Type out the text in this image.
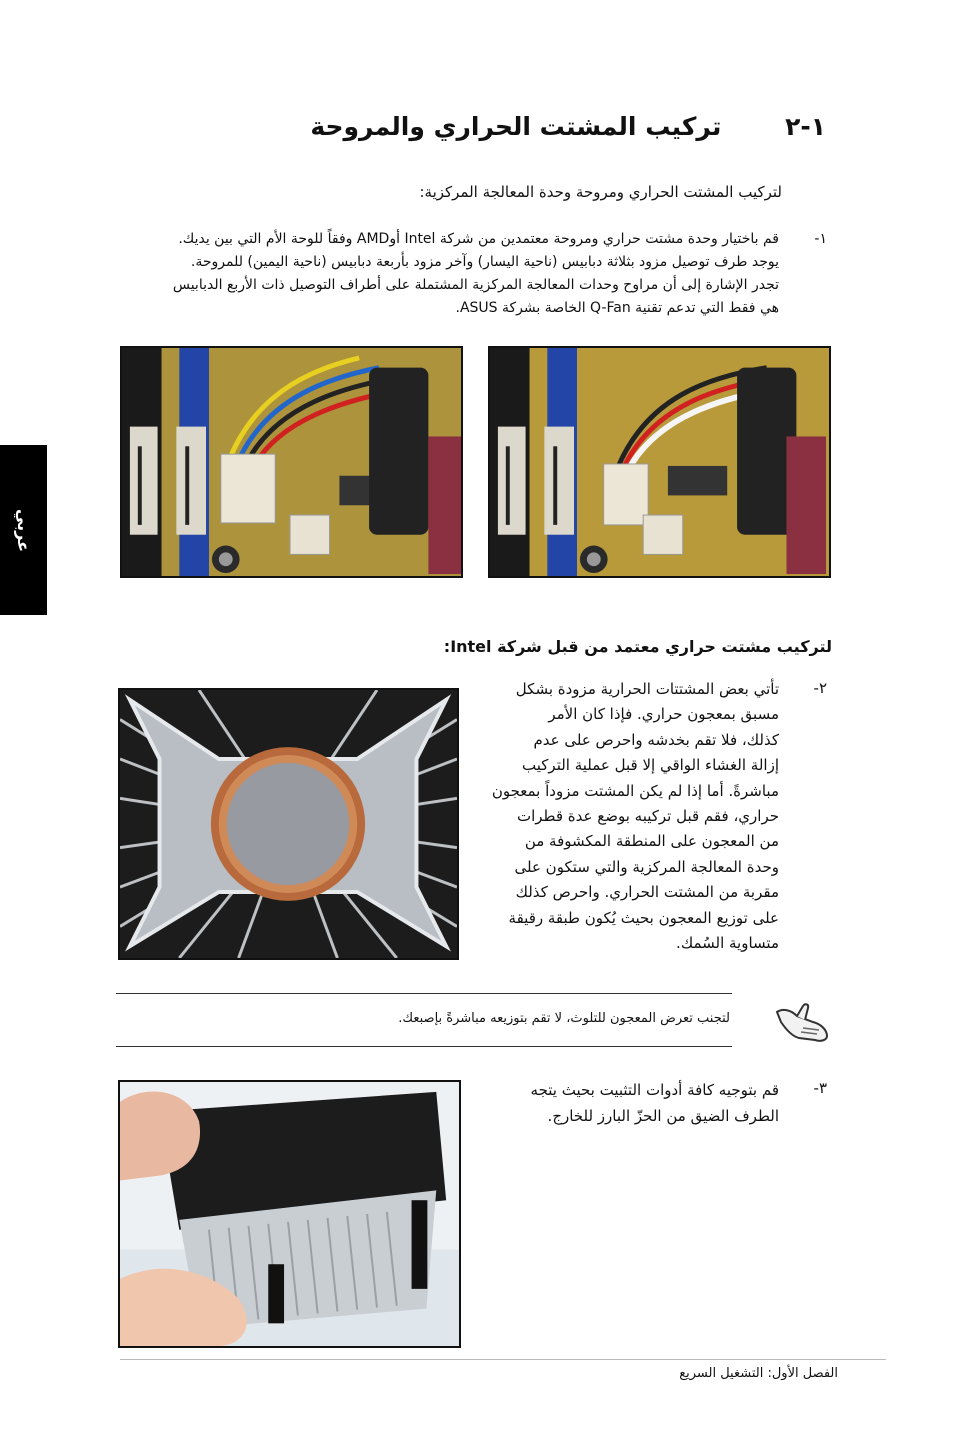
عربي
١-٢ تركيب المشتت الحراري والمروحة
لتركيب المشتت الحراري ومروحة وحدة المعالجة المركزية:
١-

قم باختيار وحدة مشتت حراري ومروحة معتمدين من شركة Intel أوAMD وفقاً للوحة الأم التي بين يديك.

يوجد طرف توصيل مزود بثلاثة دبابيس (ناحية اليسار) وآخر مزود بأربعة دبابيس (ناحية اليمين) للمروحة.

تجدر الإشارة إلى أن مراوح وحدات المعالجة المركزية المشتملة على أطراف التوصيل ذات الأربع الدبابيس

هي فقط التي تدعم تقنية Q-Fan الخاصة بشركة ASUS.

لتركيب مشتت حراري معتمد من قبل شركة Intel:
٢-

تأتي بعض المشتتات الحرارية مزودة بشكل

مسبق بمعجون حراري. فإذا كان الأمر

كذلك، فلا تقم بخدشه واحرص على عدم

إزالة الغشاء الواقي إلا قبل عملية التركيب

مباشرةً. أما إذا لم يكن المشتت مزوداً بمعجون

حراري، فقم قبل تركيبه بوضع عدة قطرات

من المعجون على المنطقة المكشوفة من

وحدة المعالجة المركزية والتي ستكون على

مقربة من المشتت الحراري. واحرص كذلك

على توزيع المعجون بحيث يُكون طبقة رقيقة

متساوية السُمك.

لتجنب تعرض المعجون للتلوث، لا تقم بتوزيعه مباشرةً بإصبعك.
٣-

قم بتوجيه كافة أدوات التثبيت بحيث يتجه

الطرف الضيق من الحزّ البارز للخارج.

الفصل الأول: التشغيل السريع
